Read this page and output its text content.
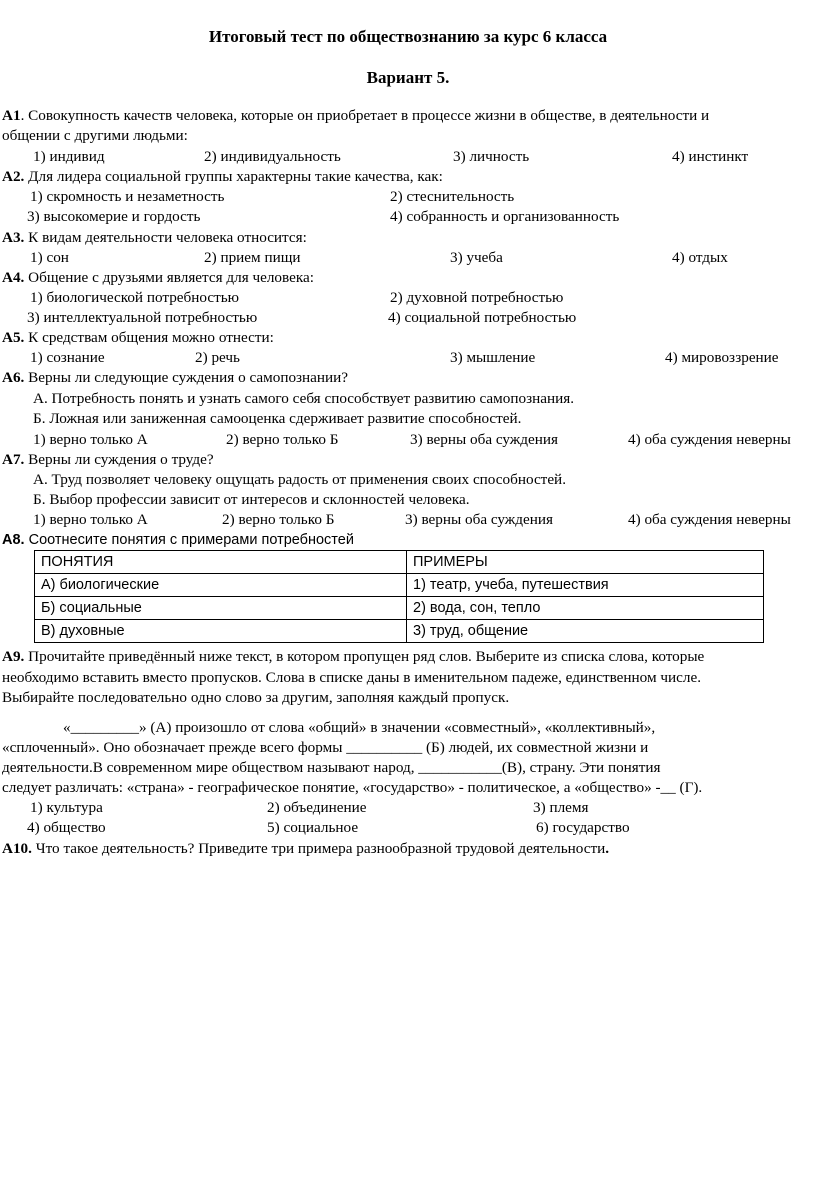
Итоговый тест по обществознанию за курс 6 класса
Вариант 5.
А1. Совокупность качеств человека, которые он приобретает в процессе жизни в обществе, в деятельности и
общении с другими людьми:
1) индивид	2) индивидуальность	3) личность	4) инстинкт
А2. Для лидера социальной группы характерны такие качества, как:
1) скромность и незаметность	2) стеснительность
3) высокомерие и гордость	4) собранность и организованность
А3. К видам деятельности человека относится:
1) сон	2) прием пищи	3) учеба	4) отдых
А4. Общение с друзьями является для человека:
1) биологической потребностью	2) духовной потребностью
3) интеллектуальной потребностью	4) социальной потребностью
А5. К средствам общения можно отнести:
1) сознание	2) речь	3) мышление	4) мировоззрение
А6. Верны ли следующие суждения о самопознании?
А. Потребность понять и узнать самого себя способствует развитию самопознания.
Б. Ложная или заниженная самооценка сдерживает развитие способностей.
1) верно только А	2) верно только Б	3) верны оба суждения	4) оба суждения неверны
А7. Верны ли суждения о труде?
А. Труд позволяет человеку ощущать радость от применения своих способностей.
Б. Выбор профессии зависит от интересов и склонностей человека.
1) верно только А	2) верно только Б	3) верны оба суждения	4) оба суждения неверны
А8. Соотнесите понятия с примерами потребностей
ПОНЯТИЯ	ПРИМЕРЫ
А) биологические	1) театр, учеба, путешествия
Б) социальные	2) вода, сон, тепло
В) духовные	3) труд, общение
А9. Прочитайте приведённый ниже текст, в котором пропущен ряд слов. Выберите из списка слова, которые
необходимо вставить вместо пропусков. Слова в списке даны в именительном падеже, единственном числе.
Выбирайте последовательно одно слово за другим, заполняя каждый пропуск.
«_________» (А) произошло от слова «общий» в значении «совместный», «коллективный»,
«сплоченный». Оно обозначает прежде всего формы __________ (Б) людей, их совместной жизни и
деятельности.В современном мире обществом называют народ, ___________(В), страну. Эти понятия
следует различать: «страна» - географическое понятие, «государство» - политическое, а «общество» -__ (Г).
1) культура	2) объединение	3) племя
4) общество	5) социальное	6) государство
А10. Что такое деятельность? Приведите три примера разнообразной трудовой деятельности.
